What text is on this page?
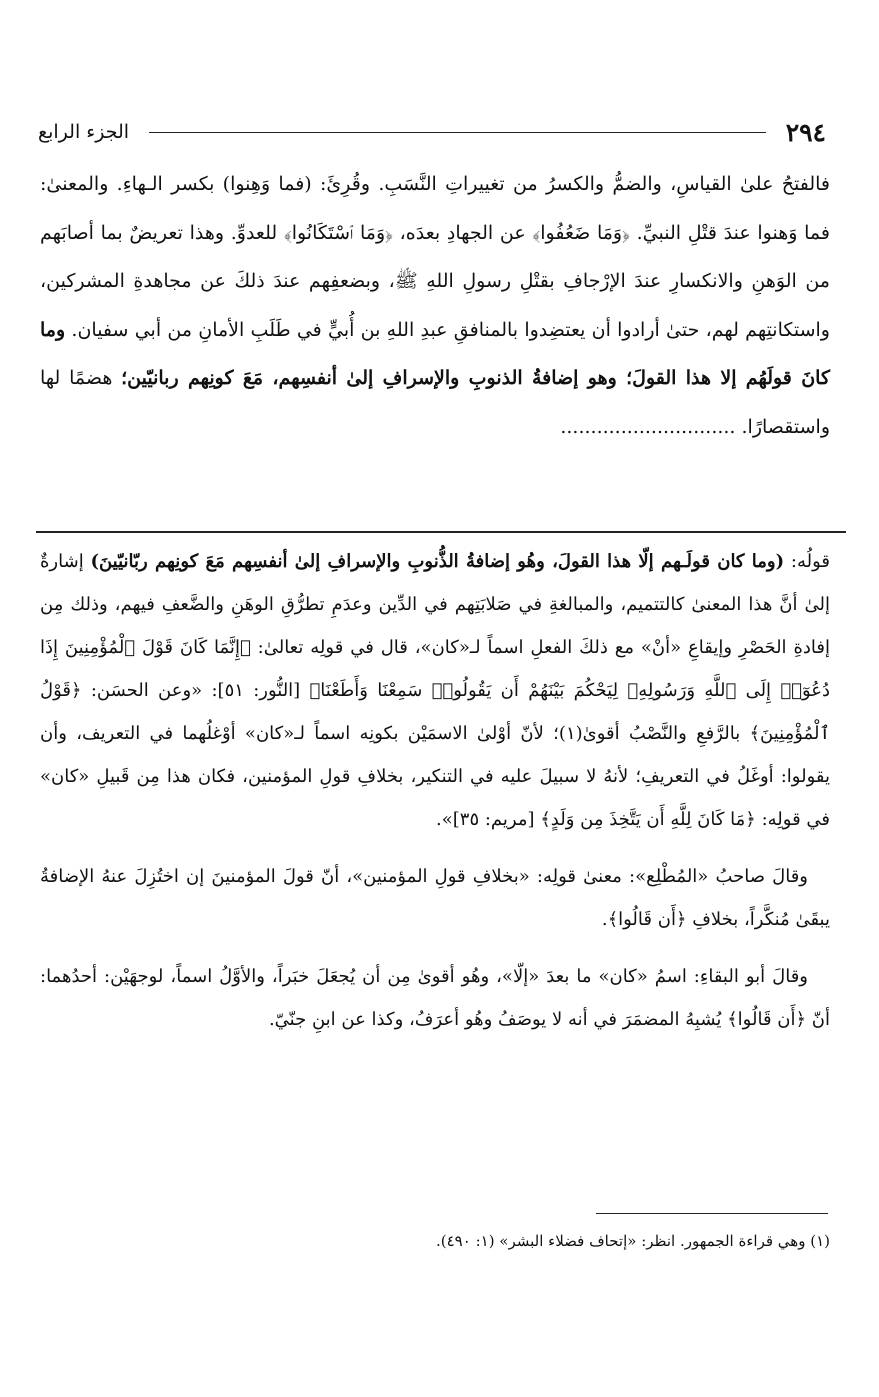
٢٩٤
الجزء الرابع

فالفتحُ علىٰ القياسِ، والضمُّ والكسرُ من تغييراتِ النَّسَبِ. وقُرِئَ: (فما وَهِنوا) بكسر الـهاءِ. والمعنىٰ: فما وَهنوا عندَ قتْلِ النبيِّ. ﴿وَمَا ضَعُفُوا﴾ عن الجهادِ بعدَه، ﴿وَمَا ٱسْتَكَانُوا﴾ للعدوِّ. وهذا تعريضٌ بما أصابَهم من الوَهنِ والانكسارِ عندَ الإرْجافِ بقتْلِ رسولِ اللهِ ﷺ، وبضعفِهم عندَ ذلكَ عن مجاهدةِ المشركين، واستكانتِهم لهم، حتىٰ أرادوا أن يعتضِدوا بالمنافقِ عبدِ اللهِ بن أُبيٍّ في طَلَبِ الأمانِ من أبي سفيان. وما كانَ قولَهُم إلا هذا القولَ؛ وهو إضافةُ الذنوبِ والإسرافِ إلىٰ أنفسِهم، مَعَ كونِهم ربانيّين؛ هضمًا لها واستقصارًا. .............................

قولُه: (وما كان قولَـهم إلّا هذا القولَ، وهُو إضافةُ الذُّنوبِ والإسرافِ إلىٰ أنفسِهم مَعَ كونِهم ربّانيّينَ) إشارةٌ إلىٰ أنَّ هذا المعنىٰ كالتتميم، والمبالغةِ في صَلابَتِهم في الدِّين وعدَمِ تطرُّقِ الوهَنِ والضَّعفِ فيهم، وذلك مِن إفادةِ الحَصْرِ وإيقاعِ «أنْ» مع ذلكَ الفعلِ اسماً لـ«كان»، قال في قولِه تعالىٰ: ﴿إِنَّمَا كَانَ قَوْلَ ٱلْمُؤْمِنِينَ إِذَا دُعُوٓا۟ إِلَى ٱللَّهِ وَرَسُولِهِۦ لِيَحْكُمَ بَيْنَهُمْ أَن يَقُولُوا۟ سَمِعْنَا وَأَطَعْنَا﴾ [النُّور: ٥١]: «وعن الحسَن: ﴿قَوْلُ ٱلْمُؤْمِنِينَ﴾ بالرَّفعِ والنَّصْبُ أقوىٰ(١)؛ لأنّ أوْلىٰ الاسمَيْن بكونِه اسماً لـ«كان» أوْغلُهما في التعريف، وأن يقولوا: أوغَلُ في التعريفِ؛ لأنهُ لا سبيلَ عليه في التنكير، بخلافِ قولِ المؤمنين، فكان هذا مِن قَبيلِ «كان» في قولِه: ﴿مَا كَانَ لِلَّهِ أَن يَتَّخِذَ مِن وَلَدٍ﴾ [مريم: ٣٥]».

وقالَ صاحبُ «المُطْلِع»: معنىٰ قولِه: «بخلافِ قولِ المؤمنين»، أنّ قولَ المؤمنينَ إن اختُزِلَ عنهُ الإضافةُ يبقَىٰ مُنكَّراً، بخلافِ ﴿أَن قَالُوا﴾.

وقالَ أبو البقاءِ: اسمُ «كان» ما بعدَ «إلّا»، وهُو أقوىٰ مِن أن يُجعَلَ خبَراً، والأوَّلُ اسماً، لوجهَيْن: أحدُهما: أنّ ﴿أَن قَالُوا﴾ يُشبِهُ المضمَرَ في أنه لا يوصَفُ وهُو أعرَفُ، وكذا عن ابنِ جنّيّ.

(١) وهي قراءة الجمهور. انظر: «إتحاف فضلاء البشر» (١: ٤٩٠).
